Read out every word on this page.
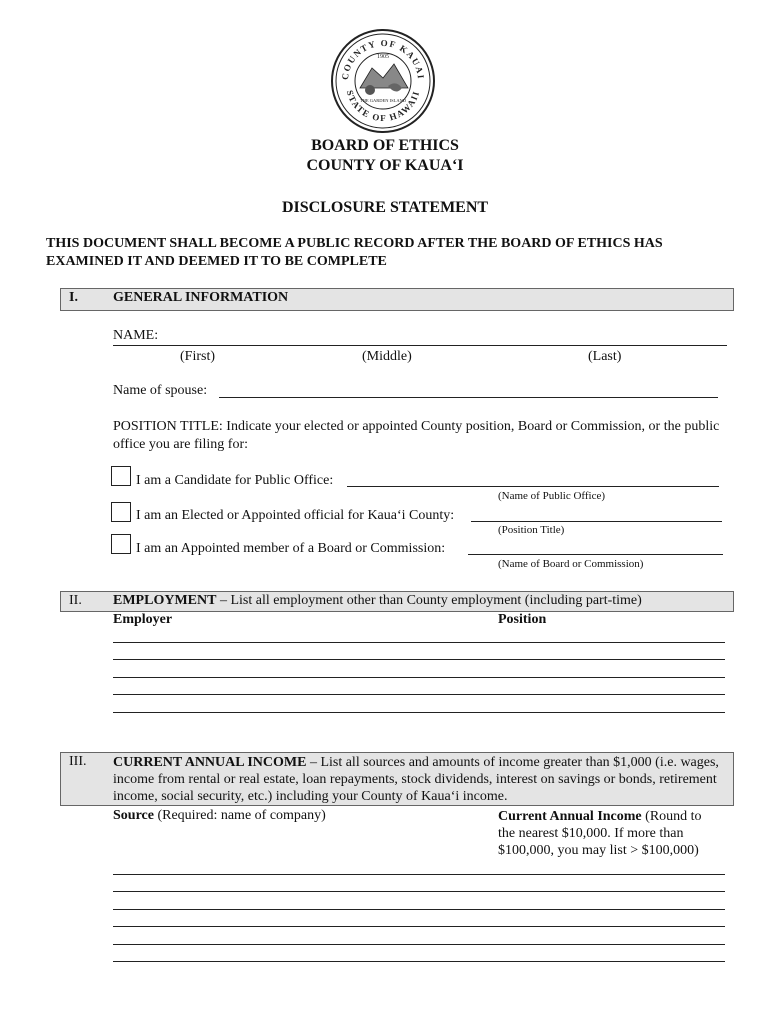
COUNTY OF KAUAI
STATE OF HAWAII
1905
THE GARDEN ISLAND
BOARD OF ETHICS
COUNTY OF KAUAʻI
DISCLOSURE STATEMENT
THIS DOCUMENT SHALL BECOME A PUBLIC RECORD AFTER THE BOARD OF ETHICS HAS EXAMINED IT AND DEEMED IT TO BE COMPLETE
I.	GENERAL INFORMATION
NAME:
(First)	(Middle)	(Last)
Name of spouse:
POSITION TITLE: Indicate your elected or appointed County position, Board or Commission, or the public office you are filing for:
I am a Candidate for Public Office:
(Name of Public Office)
I am an Elected or Appointed official for Kauaʻi County:
(Position Title)
I am an Appointed member of a Board or Commission:
(Name of Board or Commission)
II. EMPLOYMENT – List all employment other than County employment (including part-time)
Employer	Position
III. CURRENT ANNUAL INCOME – List all sources and amounts of income greater than $1,000 (i.e. wages, income from rental or real estate, loan repayments, stock dividends, interest on savings or bonds, retirement income, social security, etc.) including your County of Kauaʻi income.
Source (Required: name of company)	Current Annual Income (Round to
the nearest $10,000. If more than
$100,000, you may list > $100,000)
